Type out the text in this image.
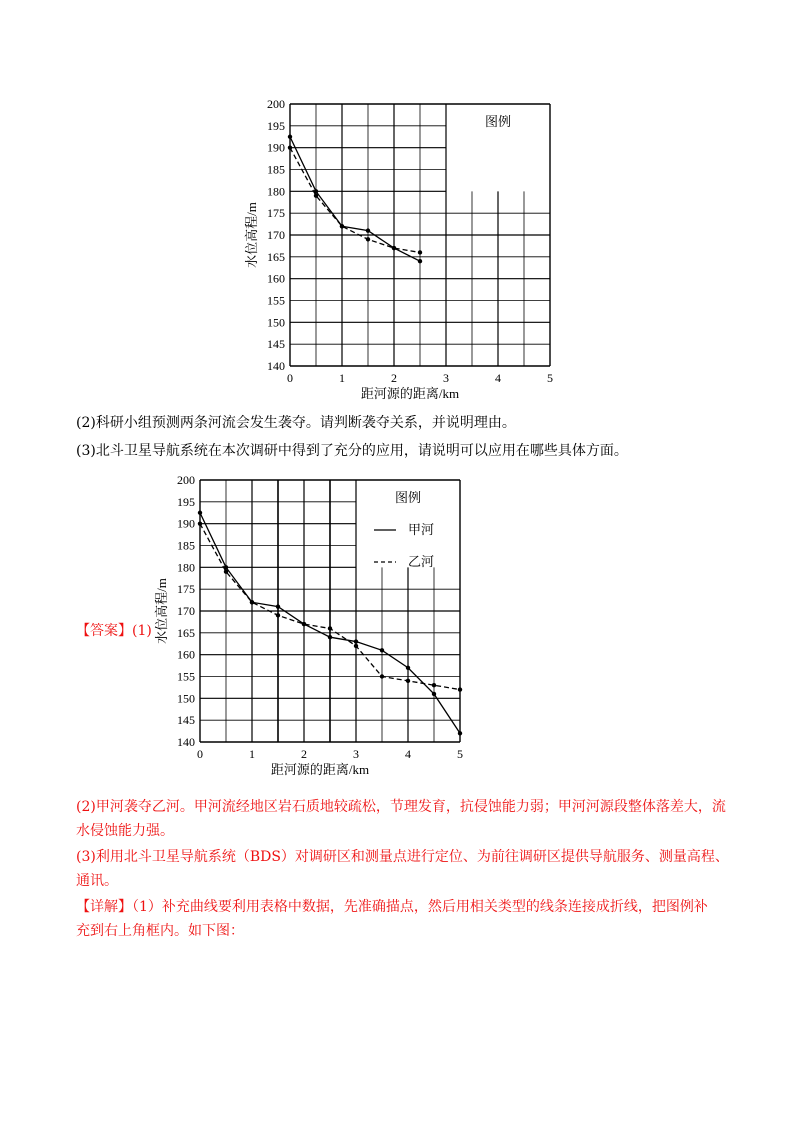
图例
140
145
150
155
160
165
170
175
180
185
190
195
200
0	1	2	3	4	5
距河源的距离/km
水位高程/m
(2)科研小组预测两条河流会发生袭夺。请判断袭夺关系，并说明理由。
(3)北斗卫星导航系统在本次调研中得到了充分的应用，请说明可以应用在哪些具体方面。
图例
甲河
乙河
140
145
150
155
160
165
170
175
180
185
190
195
200
0	1	2	3	4	5
距河源的距离/km
水位高程/m
【答案】(1)
(2)甲河袭夺乙河。甲河流经地区岩石质地较疏松，节理发育，抗侵蚀能力弱；甲河河源段整体落差大，流
水侵蚀能力强。
(3)利用北斗卫星导航系统（BDS）对调研区和测量点进行定位、为前往调研区提供导航服务、测量高程、
通讯。
【详解】（1）补充曲线要利用表格中数据，先准确描点，然后用相关类型的线条连接成折线，把图例补
充到右上角框内。如下图：
